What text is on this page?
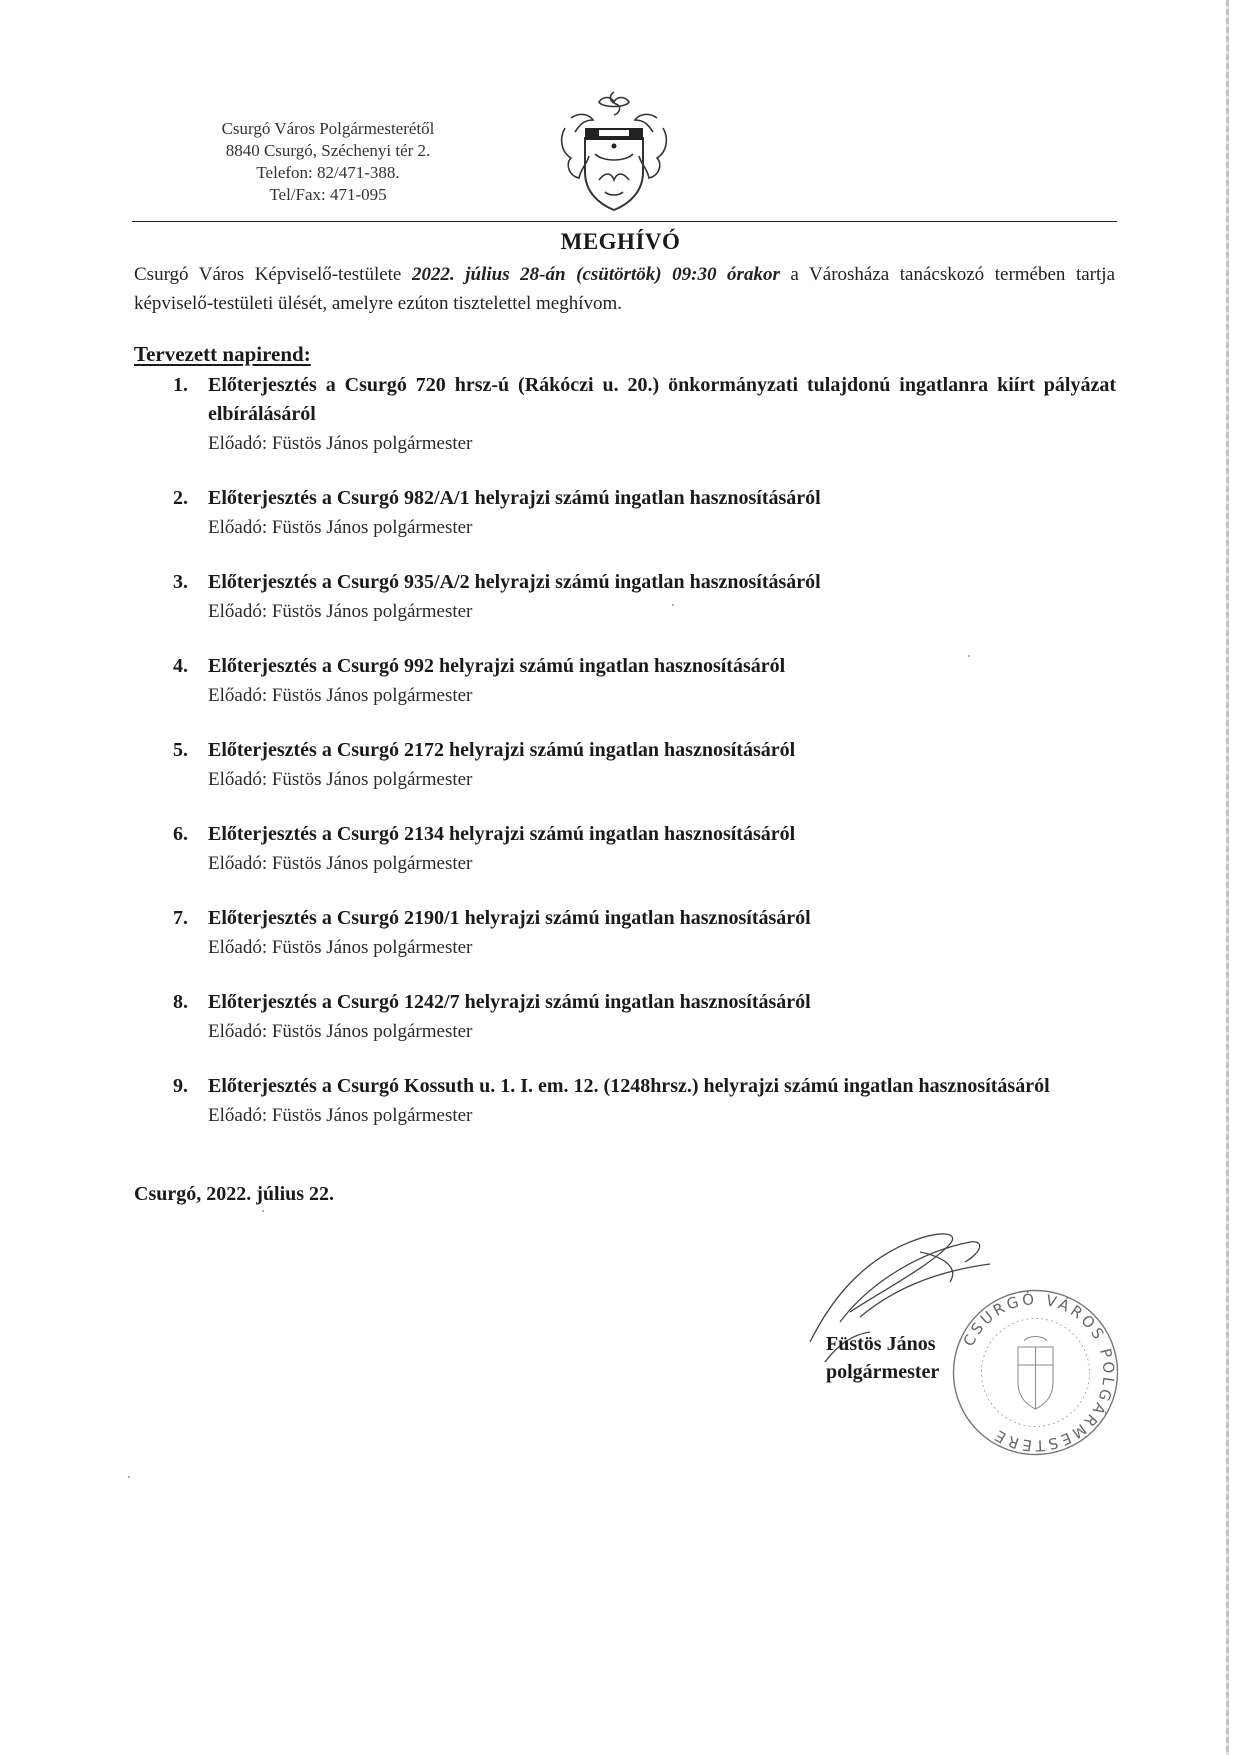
Csurgó Város Polgármesterétől
8840 Csurgó, Széchenyi tér 2.
Telefon: 82/471-388.
Tel/Fax: 471-095
MEGHÍVÓ
Csurgó Város Képviselő-testülete 2022. július 28-án (csütörtök) 09:30 órakor a Városháza tanácskozó termében tartja képviselő-testületi ülését, amelyre ezúton tisztelettel meghívom.
Tervezett napirend:
1. Előterjesztés a Csurgó 720 hrsz-ú (Rákóczi u. 20.) önkormányzati tulajdonú ingatlanra kiírt pályázat elbírálásáról
Előadó: Füstös János polgármester
2. Előterjesztés a Csurgó 982/A/1 helyrajzi számú ingatlan hasznosításáról
Előadó: Füstös János polgármester
3. Előterjesztés a Csurgó 935/A/2 helyrajzi számú ingatlan hasznosításáról
Előadó: Füstös János polgármester
4. Előterjesztés a Csurgó 992 helyrajzi számú ingatlan hasznosításáról
Előadó: Füstös János polgármester
5. Előterjesztés a Csurgó 2172 helyrajzi számú ingatlan hasznosításáról
Előadó: Füstös János polgármester
6. Előterjesztés a Csurgó 2134 helyrajzi számú ingatlan hasznosításáról
Előadó: Füstös János polgármester
7. Előterjesztés a Csurgó 2190/1 helyrajzi számú ingatlan hasznosításáról
Előadó: Füstös János polgármester
8. Előterjesztés a Csurgó 1242/7 helyrajzi számú ingatlan hasznosításáról
Előadó: Füstös János polgármester
9. Előterjesztés a Csurgó Kossuth u. 1. I. em. 12. (1248hrsz.) helyrajzi számú ingatlan hasznosításáról
Előadó: Füstös János polgármester
Csurgó, 2022. július 22.
CSURGÓ VÁROS POLGÁRMESTERE
Füstös János
polgármester
